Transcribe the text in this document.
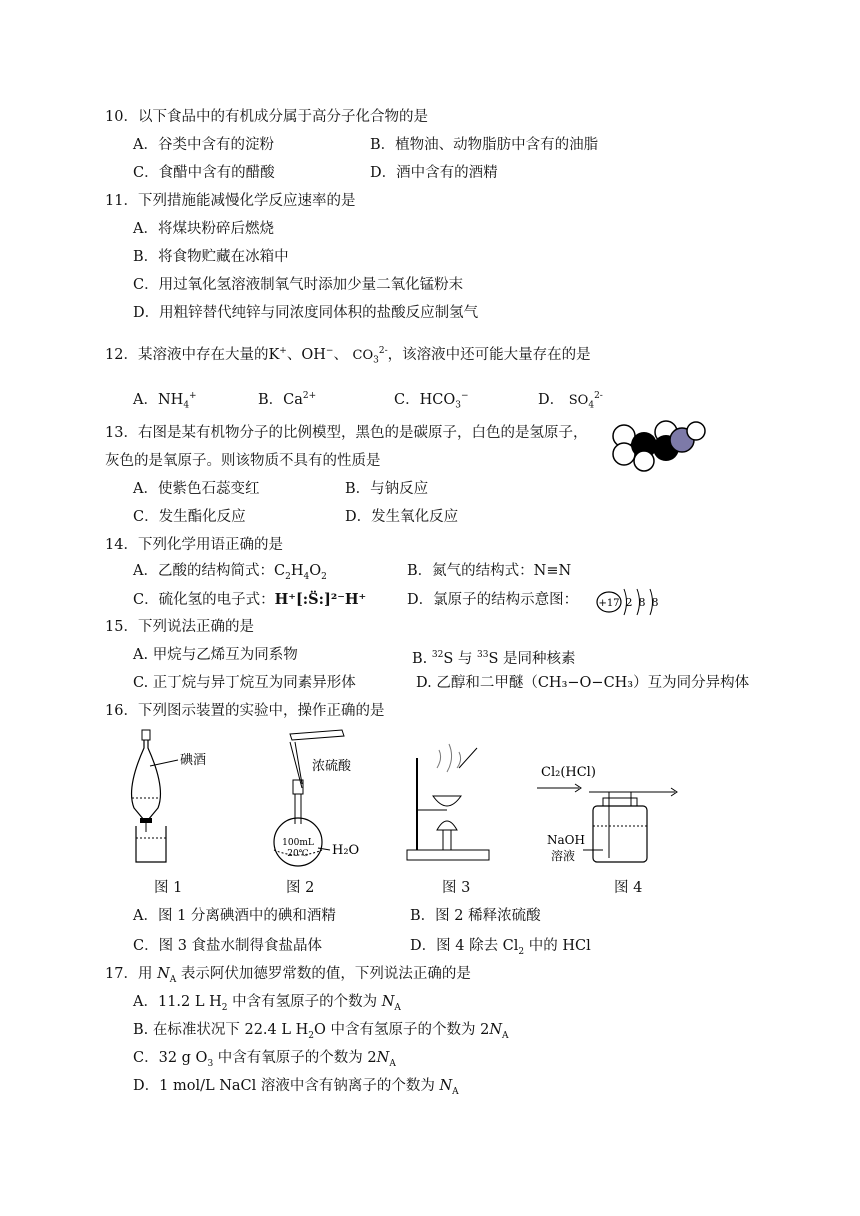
10．以下食品中的有机成分属于高分子化合物的是
A．谷类中含有的淀粉	B．植物油、动物脂肪中含有的油脂
C．食醋中含有的醋酸	D．酒中含有的酒精
11．下列措施能减慢化学反应速率的是
A．将煤块粉碎后燃烧
B．将食物贮藏在冰箱中
C．用过氧化氢溶液制氧气时添加少量二氧化锰粉末
D．用粗锌替代纯锌与同浓度同体积的盐酸反应制氢气
12．某溶液中存在大量的K+、OH−、 $CO_3^{2-}$，该溶液中还可能大量存在的是
A．$NH_4^+$	B．$Ca^{2+}$	C．$HCO_3^-$	D． $SO_4^{2-}$
13．右图是某有机物分子的比例模型，黑色的是碳原子，白色的是氢原子，
灰色的是氧原子。则该物质不具有的性质是
A．使紫色石蕊变红	B．与钠反应
C．发生酯化反应	D．发生氧化反应
14．下列化学用语正确的是
A．乙酸的结构简式：$C_2H_4O_2$	B．氮气的结构式：N≡N
C．硫化氢的电子式：H⁺[:S̈:]²⁻H⁺	D．氯原子的结构示意图： +17 2 8 8
15．下列说法正确的是
A. 甲烷与乙烯互为同系物	B. $^{32}$S 与 $^{33}$S 是同种核素
C. 正丁烷与异丁烷互为同素异形体	D. 乙醇和二甲醚（CH₃−O−CH₃）互为同分异构体
16．下列图示装置的实验中，操作正确的是
碘酒	浓硫酸
100mL
20℃ H₂O
Cl₂(HCl)
NaOH
溶液
图 1	图 2	图 3	图 4
A．图 1 分离碘酒中的碘和酒精	B．图 2 稀释浓硫酸
C．图 3 食盐水制得食盐晶体	D．图 4 除去 $Cl_2$ 中的 HCl
17．用 $N_A$ 表示阿伏加德罗常数的值，下列说法正确的是
A．11.2 L $H_2$ 中含有氢原子的个数为 $N_A$
B. 在标准状况下 22.4 L $H_2O$ 中含有氢原子的个数为 $2N_A$
C．32 g $O_3$ 中含有氧原子的个数为 $2N_A$
D．1 mol/L NaCl 溶液中含有钠离子的个数为 $N_A$
